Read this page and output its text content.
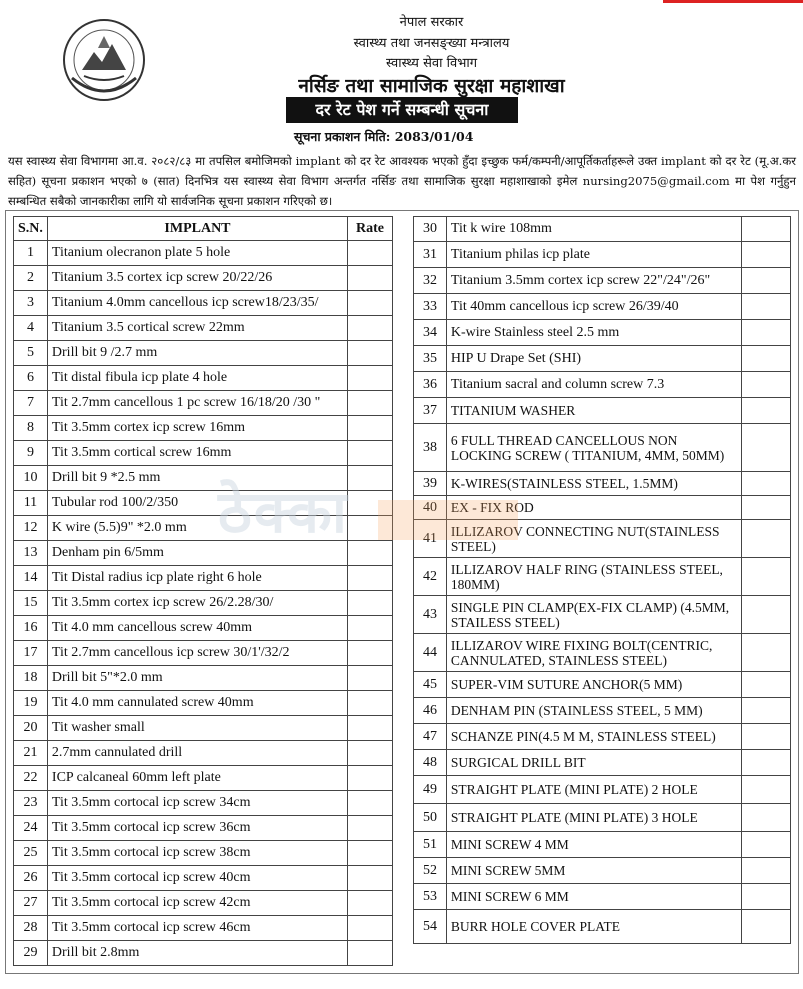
नेपाल सरकार
स्वास्थ्य तथा जनसङ्ख्या मन्त्रालय
स्वास्थ्य सेवा विभाग
नर्सिङ तथा सामाजिक सुरक्षा महाशाखा
दर रेट पेश गर्ने सम्बन्धी सूचना
सूचना प्रकाशन मिति: 2083/01/04
यस स्वास्थ्य सेवा विभागमा आ.व. २०८२/८३ मा तपसिल बमोजिमको implant को दर रेट आवश्यक भएको हुँदा इच्छुक फर्म/कम्पनी/आपूर्तिकर्ताहरूले उक्त implant को दर रेट (मू.अ.कर सहित) सूचना प्रकाशन भएको ७ (सात) दिनभित्र यस स्वास्थ्य सेवा विभाग अन्तर्गत नर्सिङ तथा सामाजिक सुरक्षा महाशाखाको इमेल nursing2075@gmail.com मा पेश गर्नुहुन सम्बन्धित सबैको जानकारीका लागि यो सार्वजनिक सूचना प्रकाशन गरिएको छ।
S.N.	IMPLANT	Rate
1	Titanium olecranon plate 5 hole	
2	Titanium 3.5 cortex icp screw 20/22/26	
3	Titanium 4.0mm cancellous icp screw18/23/35/	
4	Titanium 3.5 cortical screw 22mm	
5	Drill bit 9 /2.7 mm	
6	Tit distal fibula icp plate 4 hole	
7	Tit 2.7mm cancellous 1 pc screw 16/18/20 /30 "	
8	Tit 3.5mm cortex icp screw 16mm	
9	Tit 3.5mm cortical screw 16mm	
10	Drill bit 9 *2.5 mm	
11	Tubular rod 100/2/350	
12	K wire (5.5)9" *2.0 mm	
13	Denham pin 6/5mm	
14	Tit Distal radius icp plate right 6 hole	
15	Tit 3.5mm cortex icp screw 26/2.28/30/	
16	Tit 4.0 mm cancellous screw 40mm	
17	Tit 2.7mm cancellous icp screw 30/1'/32/2	
18	Drill bit 5"*2.0 mm	
19	Tit 4.0 mm cannulated screw 40mm	
20	Tit washer small	
21	2.7mm cannulated drill	
22	ICP calcaneal 60mm left plate	
23	Tit 3.5mm cortocal icp screw 34cm	
24	Tit 3.5mm cortocal icp screw 36cm	
25	Tit 3.5mm cortocal icp screw 38cm	
26	Tit 3.5mm cortocal icp screw 40cm	
27	Tit 3.5mm cortocal icp screw 42cm	
28	Tit 3.5mm cortocal icp screw 46cm	
29	Drill bit 2.8mm	
30	Tit k wire 108mm	
31	Titanium philas icp plate	
32	Titanium 3.5mm cortex icp screw 22"/24"/26"	
33	Tit 40mm cancellous icp screw 26/39/40	
34	K-wire Stainless steel 2.5 mm	
35	HIP U Drape Set (SHI)	
36	Titanium sacral and column screw 7.3	
37	TITANIUM WASHER	
38	6 FULL THREAD CANCELLOUS NON LOCKING SCREW ( TITANIUM, 4MM, 50MM)	
39	K-WIRES(STAINLESS STEEL, 1.5MM)	
40	EX - FIX ROD	
41	ILLIZAROV CONNECTING NUT(STAINLESS STEEL)	
42	ILLIZAROV HALF RING (STAINLESS STEEL, 180MM)	
43	SINGLE PIN CLAMP(EX-FIX CLAMP) (4.5MM, STAILESS STEEL)	
44	ILLIZAROV WIRE FIXING BOLT(CENTRIC, CANNULATED, STAINLESS STEEL)	
45	SUPER-VIM SUTURE ANCHOR(5 MM)	
46	DENHAM PIN (STAINLESS STEEL, 5 MM)	
47	SCHANZE PIN(4.5 M M, STAINLESS STEEL)	
48	SURGICAL DRILL BIT	
49	STRAIGHT PLATE (MINI PLATE) 2 HOLE	
50	STRAIGHT PLATE (MINI PLATE) 3 HOLE	
51	MINI SCREW 4 MM	
52	MINI SCREW 5MM	
53	MINI SCREW 6 MM	
54	BURR HOLE COVER PLATE	
ठेक्का
